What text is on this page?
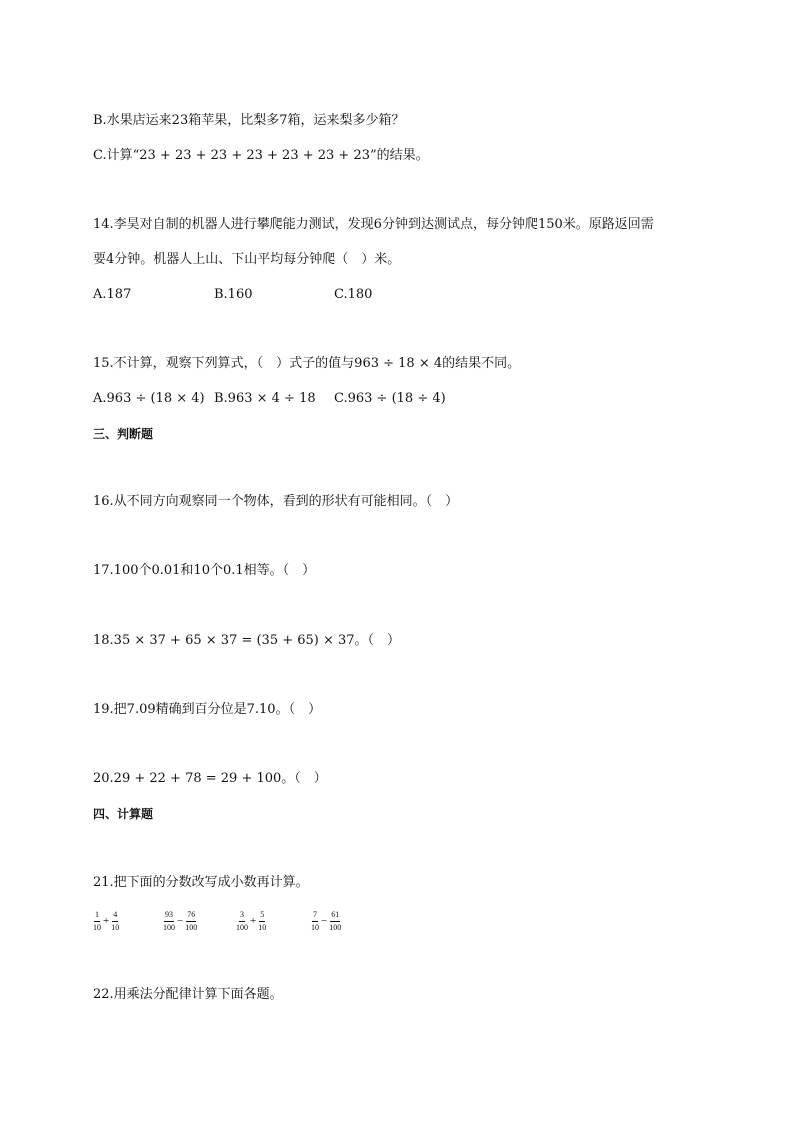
B.水果店运来23箱苹果，比梨多7箱，运来梨多少箱？
C.计算“23 + 23 + 23 + 23 + 23 + 23 + 23”的结果。
14.李昊对自制的机器人进行攀爬能力测试，发现6分钟到达测试点，每分钟爬150米。原路返回需
要4分钟。机器人上山、下山平均每分钟爬（　）米。
A.187	B.160	C.180
15.不计算，观察下列算式，（　）式子的值与963 ÷ 18 × 4的结果不同。
A.963 ÷ (18 × 4) B.963 × 4 ÷ 18 C.963 ÷ (18 ÷ 4)
三、判断题
16.从不同方向观察同一个物体，看到的形状有可能相同。（　）
17.100个0.01和10个0.1相等。（　）
18.35 × 37 + 65 × 37 = (35 + 65) × 37。（　）
19.把7.09精确到百分位是7.10。（　）
20.29 + 22 + 78 = 29 + 100。（　）
四、计算题
21.把下面的分数改写成小数再计算。
$\frac{1}{10} + \frac{4}{10}$	$\frac{93}{100} - \frac{76}{100}$	$\frac{3}{100} + \frac{5}{10}$	$\frac{7}{10} - \frac{61}{100}$
22.用乘法分配律计算下面各题。
